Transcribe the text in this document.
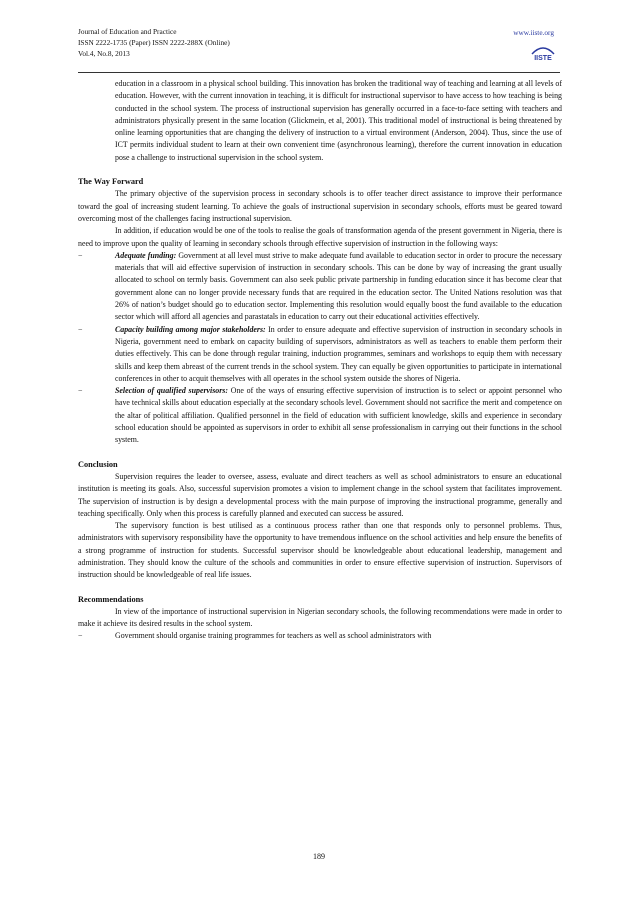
Journal of Education and Practice
ISSN 2222-1735 (Paper) ISSN 2222-288X (Online)
Vol.4, No.8, 2013
www.iiste.org
IISTE

education in a classroom in a physical school building. This innovation has broken the traditional way of teaching and learning at all levels of education. However, with the current innovation in teaching, it is difficult for instructional supervisor to have access to how teaching is being conducted in the school system. The process of instructional supervision has generally occurred in a face-to-face setting with teachers and administrators physically present in the same location (Glickmein, et al, 2001). This traditional model of instructional is being threatened by online learning opportunities that are changing the delivery of instruction to a virtual environment (Anderson, 2004). Thus, since the use of ICT permits individual student to learn at their own convenient time (asynchronous learning), therefore the current innovation in education pose a challenge to instructional supervision in the school system.

The Way Forward

The primary objective of the supervision process in secondary schools is to offer teacher direct assistance to improve their performance toward the goal of increasing student learning. To achieve the goals of instructional supervision in secondary schools, efforts must be geared toward overcoming most of the challenges facing instructional supervision.

In addition, if education would be one of the tools to realise the goals of transformation agenda of the present government in Nigeria, there is need to improve upon the quality of learning in secondary schools through effective supervision of instruction in the following ways:

−	Adequate funding: Government at all level must strive to make adequate fund available to education sector in order to procure the necessary materials that will aid effective supervision of instruction in secondary schools. This can be done by way of increasing the grant usually allocated to school on termly basis. Government can also seek public private partnership in funding education since it has become clear that government alone can no longer provide necessary funds that are required in the education sector. The United Nations resolution was that 26% of nation’s budget should go to education sector. Implementing this resolution would equally boost the fund available to the education sector which will afford all agencies and parastatals in education to carry out their educational activities effectively.
−	Capacity building among major stakeholders: In order to ensure adequate and effective supervision of instruction in secondary schools in Nigeria, government need to embark on capacity building of supervisors, administrators as well as teachers to enable them perform their duties effectively. This can be done through regular training, induction programmes, seminars and workshops to equip them with necessary skills and keep them abreast of the current trends in the school system. They can equally be given opportunities to participate in international conferences in other to acquit themselves with all operates in the school system outside the shores of Nigeria.
−	Selection of qualified supervisors: One of the ways of ensuring effective supervision of instruction is to select or appoint personnel who have technical skills about education especially at the secondary schools level. Government should not sacrifice the merit and competence on the altar of political affiliation. Qualified personnel in the field of education with sufficient knowledge, skills and experience in secondary school education should be appointed as supervisors in order to exhibit all sense professionalism in carrying out their functions in the school system.
Conclusion

Supervision requires the leader to oversee, assess, evaluate and direct teachers as well as school administrators to ensure an educational institution is meeting its goals. Also, successful supervision promotes a vision to implement change in the school system that facilitates improvement. The supervision of instruction is by design a developmental process with the main purpose of improving the instructional programme, generally and teaching specifically. Only when this process is carefully planned and executed can success be assured.

The supervisory function is best utilised as a continuous process rather than one that responds only to personnel problems. Thus, administrators with supervisory responsibility have the opportunity to have tremendous influence on the school activities and help ensure the benefits of a strong programme of instruction for students. Successful supervisor should be knowledgeable about educational leadership, management and administration. They should know the culture of the schools and communities in order to ensure effective supervision of instruction. Supervisors of instruction should be knowledgeable of real life issues.

Recommendations

In view of the importance of instructional supervision in Nigerian secondary schools, the following recommendations were made in order to make it achieve its desired results in the school system.

−	Government should organise training programmes for teachers as well as school administrators with
189
